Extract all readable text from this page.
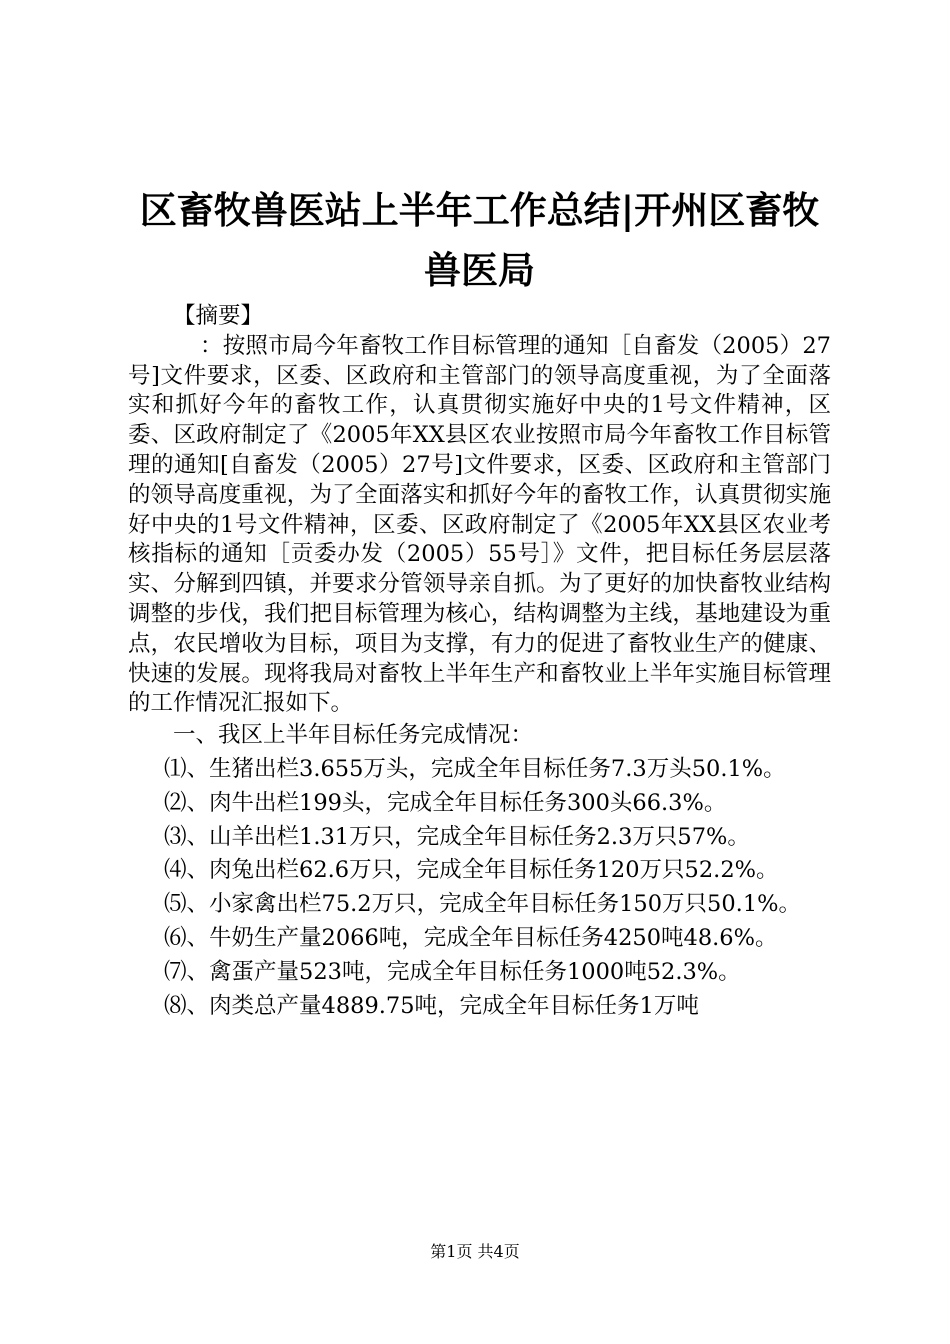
区畜牧兽医站上半年工作总结|开州区畜牧兽医局

【摘要】

：按照市局今年畜牧工作目标管理的通知［自畜发（2005）27号]文件要求，区委、区政府和主管部门的领导高度重视，为了全面落实和抓好今年的畜牧工作，认真贯彻实施好中央的1号文件精神，区委、区政府制定了《2005年XX县区农业按照市局今年畜牧工作目标管理的通知[自畜发（2005）27号]文件要求，区委、区政府和主管部门的领导高度重视，为了全面落实和抓好今年的畜牧工作，认真贯彻实施好中央的1号文件精神，区委、区政府制定了《2005年XX县区农业考核指标的通知［贡委办发（2005）55号］》文件，把目标任务层层落实、分解到四镇，并要求分管领导亲自抓。为了更好的加快畜牧业结构调整的步伐，我们把目标管理为核心，结构调整为主线，基地建设为重点，农民增收为目标，项目为支撑，有力的促进了畜牧业生产的健康、快速的发展。现将我局对畜牧上半年生产和畜牧业上半年实施目标管理的工作情况汇报如下。

一、我区上半年目标任务完成情况：

⑴、生猪出栏3.655万头，完成全年目标任务7.3万头50.1%。

⑵、肉牛出栏199头，完成全年目标任务300头66.3%。

⑶、山羊出栏1.31万只，完成全年目标任务2.3万只57%。

⑷、肉兔出栏62.6万只，完成全年目标任务120万只52.2%。

⑸、小家禽出栏75.2万只，完成全年目标任务150万只50.1%。

⑹、牛奶生产量2066吨，完成全年目标任务4250吨48.6%。

⑺、禽蛋产量523吨，完成全年目标任务1000吨52.3%。

⑻、肉类总产量4889.75吨，完成全年目标任务1万吨

第1页 共4页
